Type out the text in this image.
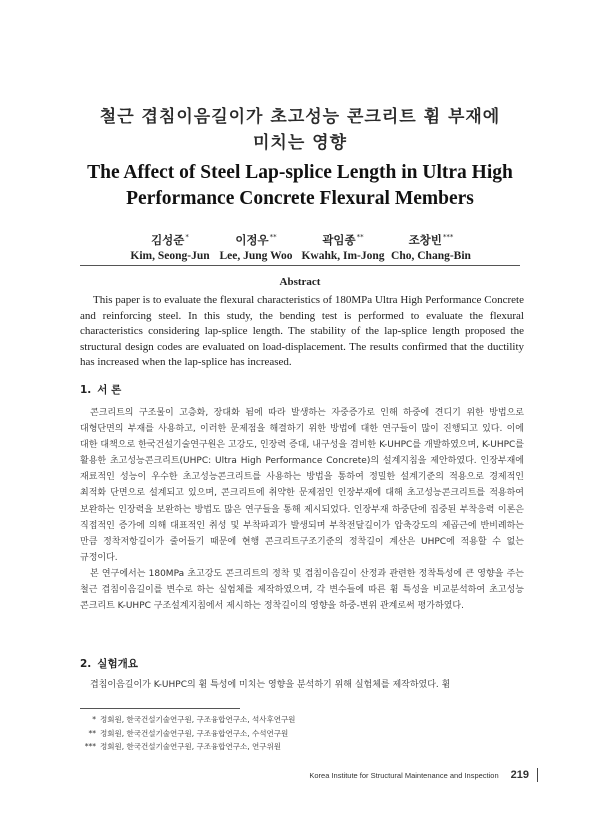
철근 겹침이음길이가 초고성능 콘크리트 휨 부재에
미치는 영향
The Affect of Steel Lap-splice Length in Ultra High
Performance Concrete Flexural Members
김성준*
Kim, Seong-Jun
이정우**
Lee, Jung Woo
곽임종**
Kwahk, Im-Jong
조창빈***
Cho, Chang-Bin
Abstract

This paper is to evaluate the flexural characteristics of 180MPa Ultra High Performance Concrete and reinforcing steel. In this study, the bending test is performed to evaluate the flexural characteristics considering lap-splice length. The stability of the lap-splice length proposed the structural design codes are evaluated on load-displacement. The results confirmed that the ductility has increased when the lap-splice has increased.

1. 서 론

콘크리트의 구조물이 고층화, 장대화 됨에 따라 발생하는 자중증가로 인해 하중에 견디기 위한 방법으로 대형단면의 부재를 사용하고, 이러한 문제점을 해결하기 위한 방법에 대한 연구들이 많이 진행되고 있다. 이에 대한 대책으로 한국건설기술연구원은 고강도, 인장력 증대, 내구성을 겸비한 K-UHPC를 개발하였으며, K-UHPC를 활용한 초고성능콘크리트(UHPC: Ultra High Performance Concrete)의 설계지침을 제안하였다. 인장부재에 재료적인 성능이 우수한 초고성능콘크리트를 사용하는 방법을 통하여 정밀한 설계기준의 적용으로 경제적인 최적화 단면으로 설계되고 있으며, 콘크리트에 취약한 문제점인 인장부재에 대해 초고성능콘크리트를 적용하여 보완하는 인장력을 보완하는 방법도 많은 연구들을 통해 제시되었다. 인장부재 하중단에 집중된 부착응력 이론은 직접적인 증가에 의해 대표적인 취성 및 부착파괴가 발생되며 부착전달길이가 압축강도의 제곱근에 반비례하는 만큼 정착저항길이가 줄어들기 때문에 현행 콘크리트구조기준의 정착길이 계산은 UHPC에 적용할 수 없는 규정이다.

본 연구에서는 180MPa 초고강도 콘크리트의 정착 및 겹침이음길이 산정과 관련한 정착특성에 큰 영향을 주는 철근 겹침이음길이를 변수로 하는 실험체를 제작하였으며, 각 변수들에 따른 휨 특성을 비교분석하여 초고성능 콘크리트 K-UHPC 구조설계지침에서 제시하는 정착길이의 영향을 하중-변위 관계로써 평가하였다.

2. 실험개요

겹침이음길이가 K-UHPC의 휨 특성에 미치는 영향을 분석하기 위해 실험체를 제작하였다. 휨

* 정회원, 한국건설기술연구원, 구조융합연구소, 석사후연구원
** 정회원, 한국건설기술연구원, 구조융합연구소, 수석연구원
*** 정회원, 한국건설기술연구원, 구조융합연구소, 연구위원
Korea Institute for Structural Maintenance and Inspection 219
